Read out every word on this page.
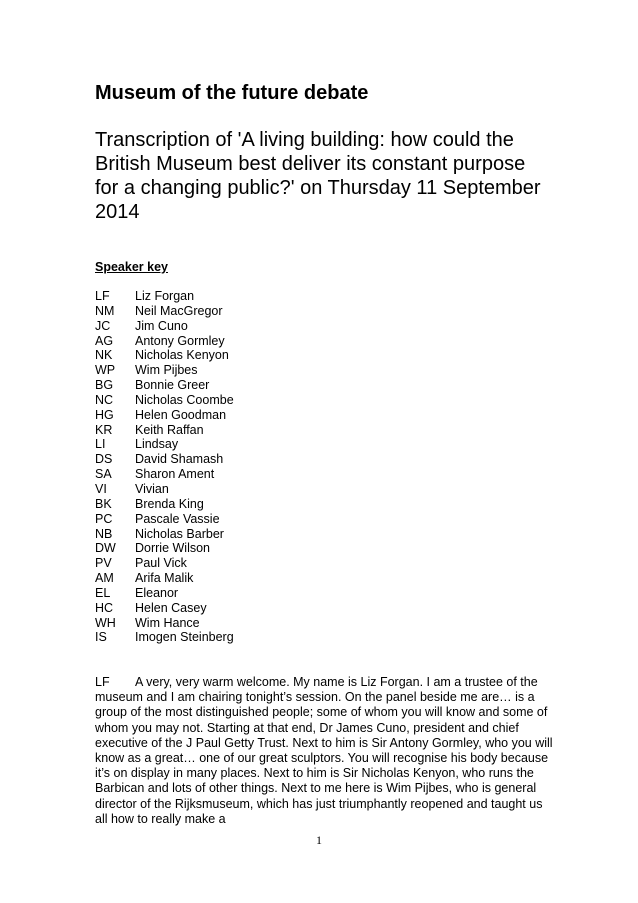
Museum of the future debate
Transcription of 'A living building: how could the British Museum best deliver its constant purpose for a changing public?' on Thursday 11 September 2014
Speaker key
LF Liz Forgan
NM Neil MacGregor
JC Jim Cuno
AG Antony Gormley
NK Nicholas Kenyon
WP Wim Pijbes
BG Bonnie Greer
NC Nicholas Coombe
HG Helen Goodman
KR Keith Raffan
LI Lindsay
DS David Shamash
SA Sharon Ament
VI Vivian
BK Brenda King
PC Pascale Vassie
NB Nicholas Barber
DW Dorrie Wilson
PV Paul Vick
AM Arifa Malik
EL Eleanor
HC Helen Casey
WH Wim Hance
IS Imogen Steinberg

LF A very, very warm welcome. My name is Liz Forgan. I am a trustee of the museum and I am chairing tonight’s session. On the panel beside me are… is a group of the most distinguished people; some of whom you will know and some of whom you may not. Starting at that end, Dr James Cuno, president and chief executive of the J Paul Getty Trust. Next to him is Sir Antony Gormley, who you will know as a great… one of our great sculptors. You will recognise his body because it’s on display in many places. Next to him is Sir Nicholas Kenyon, who runs the Barbican and lots of other things. Next to me here is Wim Pijbes, who is general director of the Rijksmuseum, which has just triumphantly reopened and taught us all how to really make a

1
